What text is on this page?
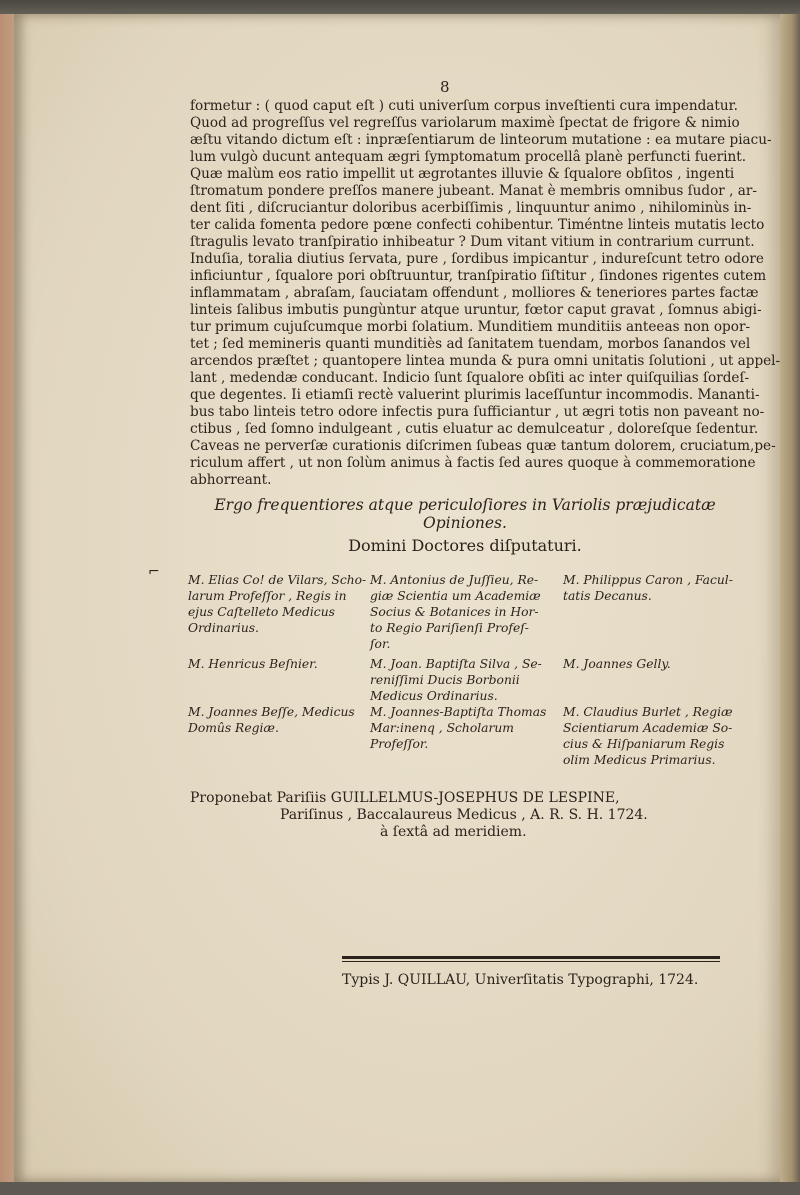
8
formetur : ( quod caput eſt ) cuti univerſum corpus inveſtienti cura impendatur.
Quod ad progreſſus vel regreſſus variolarum maximè ſpectat de frigore & nimio
æſtu vitando dictum eſt : inpræſentiarum de linteorum mutatione : ea mutare piacu-
lum vulgò ducunt antequam ægri ſymptomatum procellâ planè perfuncti fuerint.
Quæ malùm eos ratio impellit ut ægrotantes illuvie & ſqualore obſitos , ingenti
ſtromatum pondere preſſos manere jubeant. Manat è membris omnibus ſudor , ar-
dent ſiti , diſcruciantur doloribus acerbiſſimis , linquuntur animo , nihilominùs in-
ter calida fomenta pedore pœne confecti cohibentur. Timéntne linteis mutatis lecto
ſtragulis levato tranſpiratio inhibeatur ? Dum vitant vitium in contrarium currunt.
Induſia, toralia diutius ſervata, pure , ſordibus impicantur , indureſcunt tetro odore
inficiuntur , ſqualore pori obſtruuntur, tranſpiratio ſiſtitur , ſindones rigentes cutem
inflammatam , abraſam, ſauciatam offendunt , molliores & teneriores partes factæ
linteis ſalibus imbutis pungùntur atque uruntur, fœtor caput gravat , ſomnus abigi-
tur primum cujuſcumque morbi ſolatium. Munditiem munditiis anteeas non opor-
tet ; ſed memineris quanti munditiès ad ſanitatem tuendam, morbos ſanandos vel
arcendos præſtet ; quantopere lintea munda & pura omni unitatis ſolutioni , ut appel-
lant , medendæ conducant. Indicio ſunt ſqualore obſiti ac inter quiſquilias ſordeſ-
que degentes. Ii etiamſi rectè valuerint plurimis laceſſuntur incommodis. Mananti-
bus tabo linteis tetro odore infectis pura ſufficiantur , ut ægri totis non paveant no-
ctibus , ſed ſomno indulgeant , cutis eluatur ac demulceatur , doloreſque ſedentur.
Caveas ne perverſæ curationis diſcrimen ſubeas quæ tantum dolorem, cruciatum,pe-
riculum affert , ut non ſolùm animus à factis ſed aures quoque à commemoratione
abhorreant.
Ergo frequentiores atque periculoſiores in Variolis præjudicatæ Opiniones.
Domini Doctores diſputaturi.
⌐ M. Elias Co! de Vilars, Scho-
larum Profeſſor , Regis in
ejus Caſtelleto Medicus
Ordinarius.
M. Henricus Beſnier.
M. Joannes Beſſe, Medicus
Domûs Regiæ.
M. Antonius de Juſſieu, Re-
giæ Scientia um Academiæ
Socius & Botanices in Hor-
to Regio Pariſienſi Profeſ-
ſor.
M. Joan. Baptiſta Silva , Se-
reniſſimi Ducis Borbonii
Medicus Ordinarius.
M. Joannes-Baptiſta Thomas
Mar:inenq , Scholarum
Profeſſor.
M. Philippus Caron , Facul-
tatis Decanus.
M. Joannes Gelly.
M. Claudius Burlet , Regiæ
Scientiarum Academiæ So-
cius & Hiſpaniarum Regis
olim Medicus Primarius.
Proponebat Pariſiis GUILLELMUS-JOSEPHUS DE LESPINE,
Pariſinus , Baccalaureus Medicus , A. R. S. H. 1724.
à ſextâ ad meridiem.
Typis J. QUILLAU, Univerſitatis Typographi, 1724.
